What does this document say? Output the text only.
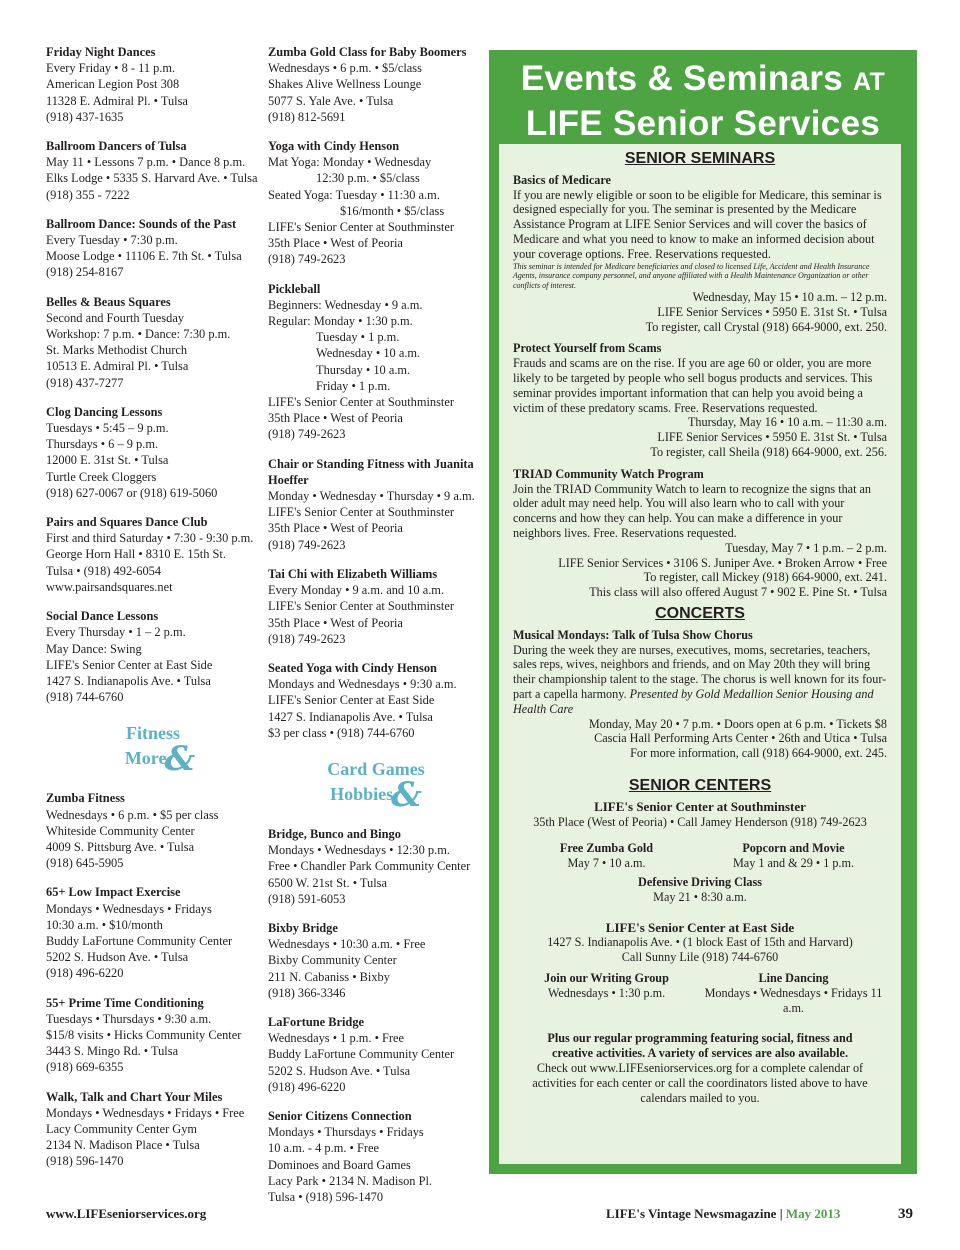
Friday Night Dances
Every Friday • 8 - 11 p.m.
American Legion Post 308
11328 E. Admiral Pl. • Tulsa
(918) 437-1635
Ballroom Dancers of Tulsa
May 11 • Lessons 7 p.m. • Dance 8 p.m.
Elks Lodge • 5335 S. Harvard Ave. • Tulsa
(918) 355 - 7222
Ballroom Dance: Sounds of the Past
Every Tuesday • 7:30 p.m.
Moose Lodge • 11106 E. 7th St. • Tulsa
(918) 254-8167
Belles & Beaus Squares
Second and Fourth Tuesday
Workshop: 7 p.m. • Dance: 7:30 p.m.
St. Marks Methodist Church
10513 E. Admiral Pl. • Tulsa
(918) 437-7277
Clog Dancing Lessons
Tuesdays • 5:45 – 9 p.m.
Thursdays • 6 – 9 p.m.
12000 E. 31st St. • Tulsa
Turtle Creek Cloggers
(918) 627-0067 or (918) 619-5060
Pairs and Squares Dance Club
First and third Saturday • 7:30 - 9:30 p.m.
George Horn Hall • 8310 E. 15th St.
Tulsa • (918) 492-6054
www.pairsandsquares.net
Social Dance Lessons
Every Thursday • 1 – 2 p.m.
May Dance: Swing
LIFE's Senior Center at East Side
1427 S. Indianapolis Ave. • Tulsa
(918) 744-6760
Fitness
More&
Zumba Fitness
Wednesdays • 6 p.m. • $5 per class
Whiteside Community Center
4009 S. Pittsburg Ave. • Tulsa
(918) 645-5905
65+ Low Impact Exercise
Mondays • Wednesdays • Fridays
10:30 a.m. • $10/month
Buddy LaFortune Community Center
5202 S. Hudson Ave. • Tulsa
(918) 496-6220
55+ Prime Time Conditioning
Tuesdays • Thursdays • 9:30 a.m.
$15/8 visits • Hicks Community Center
3443 S. Mingo Rd. • Tulsa
(918) 669-6355
Walk, Talk and Chart Your Miles
Mondays • Wednesdays • Fridays • Free
Lacy Community Center Gym
2134 N. Madison Place • Tulsa
(918) 596-1470
Zumba Gold Class for Baby Boomers
Wednesdays • 6 p.m. • $5/class
Shakes Alive Wellness Lounge
5077 S. Yale Ave. • Tulsa
(918) 812-5691
Yoga with Cindy Henson
Mat Yoga: Monday • Wednesday
12:30 p.m. • $5/class
Seated Yoga: Tuesday • 11:30 a.m.
$16/month • $5/class
LIFE's Senior Center at Southminster
35th Place • West of Peoria
(918) 749-2623
Pickleball
Beginners: Wednesday • 9 a.m.
Regular: Monday • 1:30 p.m.
Tuesday • 1 p.m.
Wednesday • 10 a.m.
Thursday • 10 a.m.
Friday • 1 p.m.
LIFE's Senior Center at Southminster
35th Place • West of Peoria
(918) 749-2623
Chair or Standing Fitness with Juanita Hoeffer
Monday • Wednesday • Thursday • 9 a.m.
LIFE's Senior Center at Southminster
35th Place • West of Peoria
(918) 749-2623
Tai Chi with Elizabeth Williams
Every Monday • 9 a.m. and 10 a.m.
LIFE's Senior Center at Southminster
35th Place • West of Peoria
(918) 749-2623
Seated Yoga with Cindy Henson
Mondays and Wednesdays • 9:30 a.m.
LIFE's Senior Center at East Side
1427 S. Indianapolis Ave. • Tulsa
$3 per class • (918) 744-6760
Card Games
Hobbies&
Bridge, Bunco and Bingo
Mondays • Wednesdays • 12:30 p.m.
Free • Chandler Park Community Center
6500 W. 21st St. • Tulsa
(918) 591-6053
Bixby Bridge
Wednesdays • 10:30 a.m. • Free
Bixby Community Center
211 N. Cabaniss • Bixby
(918) 366-3346
LaFortune Bridge
Wednesdays • 1 p.m. • Free
Buddy LaFortune Community Center
5202 S. Hudson Ave. • Tulsa
(918) 496-6220
Senior Citizens Connection
Mondays • Thursdays • Fridays
10 a.m. - 4 p.m. • Free
Dominoes and Board Games
Lacy Park • 2134 N. Madison Pl.
Tulsa • (918) 596-1470
Events & Seminars AT
LIFE Senior Services
SENIOR SEMINARS
Basics of Medicare
If you are newly eligible or soon to be eligible for Medicare, this seminar is designed especially for you. The seminar is presented by the Medicare Assistance Program at LIFE Senior Services and will cover the basics of Medicare and what you need to know to make an informed decision about your coverage options. Free. Reservations requested.
This seminar is intended for Medicare beneficiaries and closed to licensed Life, Accident and Health Insurance Agents, insurance company personnel, and anyone affiliated with a Health Maintenance Organization or other conflicts of interest.
Wednesday, May 15 • 10 a.m. – 12 p.m.
LIFE Senior Services • 5950 E. 31st St. • Tulsa
To register, call Crystal (918) 664-9000, ext. 250.
Protect Yourself from Scams
Frauds and scams are on the rise. If you are age 60 or older, you are more likely to be targeted by people who sell bogus products and services. This seminar provides important information that can help you avoid being a victim of these predatory scams. Free. Reservations requested.
Thursday, May 16 • 10 a.m. – 11:30 a.m.
LIFE Senior Services • 5950 E. 31st St. • Tulsa
To register, call Sheila (918) 664-9000, ext. 256.
TRIAD Community Watch Program
Join the TRIAD Community Watch to learn to recognize the signs that an older adult may need help. You will also learn who to call with your concerns and how they can help. You can make a difference in your neighbors lives. Free. Reservations requested.
Tuesday, May 7 • 1 p.m. – 2 p.m.
LIFE Senior Services • 3106 S. Juniper Ave. • Broken Arrow • Free
To register, call Mickey (918) 664-9000, ext. 241.
This class will also offered August 7 • 902 E. Pine St. • Tulsa
CONCERTS
Musical Mondays: Talk of Tulsa Show Chorus
During the week they are nurses, executives, moms, secretaries, teachers, sales reps, wives, neighbors and friends, and on May 20th they will bring their championship talent to the stage. The chorus is well known for its four-part a capella harmony. Presented by Gold Medallion Senior Housing and Health Care
Monday, May 20 • 7 p.m. • Doors open at 6 p.m. • Tickets $8
Cascia Hall Performing Arts Center • 26th and Utica • Tulsa
For more information, call (918) 664-9000, ext. 245.
SENIOR CENTERS
LIFE's Senior Center at Southminster
35th Place (West of Peoria) • Call Jamey Henderson (918) 749-2623
Free Zumba Gold
May 7 • 10 a.m.
Popcorn and Movie
May 1 and & 29 • 1 p.m.
Defensive Driving Class
May 21 • 8:30 a.m.
LIFE's Senior Center at East Side
1427 S. Indianapolis Ave. • (1 block East of 15th and Harvard)
Call Sunny Lile (918) 744-6760
Join our Writing Group
Wednesdays • 1:30 p.m.
Line Dancing
Mondays • Wednesdays • Fridays 11 a.m.
Plus our regular programming featuring social, fitness and creative activities. A variety of services are also available.
Check out www.LIFEseniorservices.org for a complete calendar of activities for each center or call the coordinators listed above to have calendars mailed to you.
www.LIFEseniorservices.org	LIFE's Vintage Newsmagazine | May 2013	39
